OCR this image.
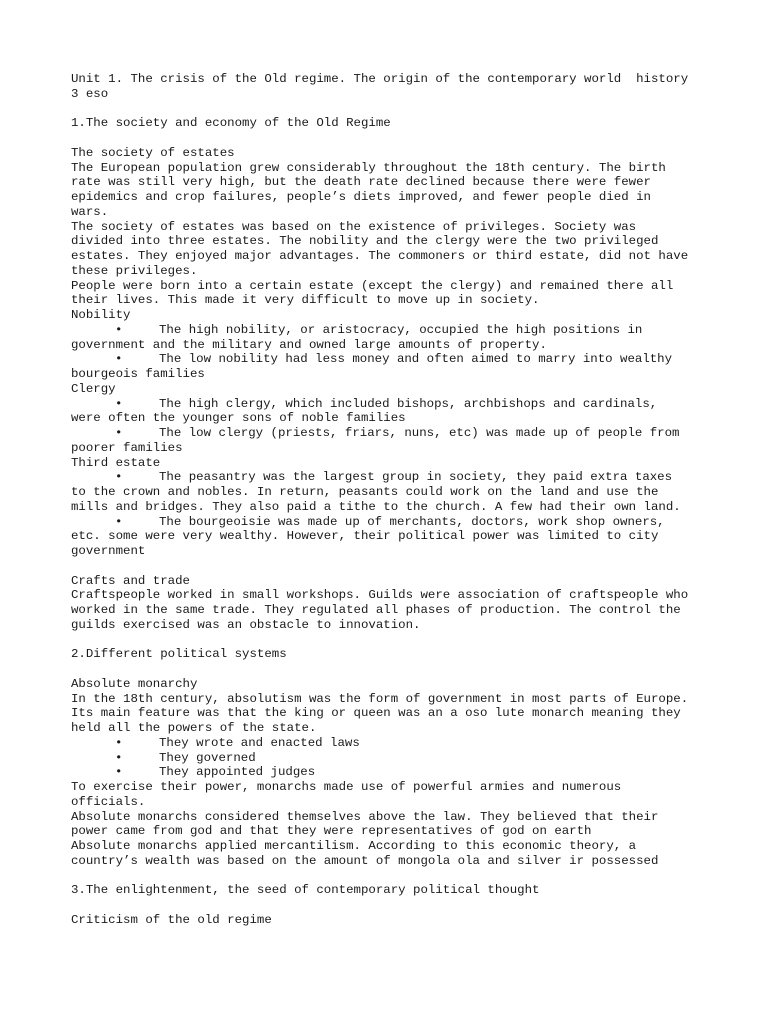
Unit 1. The crisis of the Old regime. The origin of the contemporary world  history
3 eso
1.The society and economy of the Old Regime
The society of estates
The European population grew considerably throughout the 18th century. The birth
rate was still very high, but the death rate declined because there were fewer
epidemics and crop failures, people’s diets improved, and fewer people died in
wars.
The society of estates was based on the existence of privileges. Society was
divided into three estates. The nobility and the clergy were the two privileged
estates. They enjoyed major advantages. The commoners or third estate, did not have
these privileges.
People were born into a certain estate (except the clergy) and remained there all
their lives. This made it very difficult to move up in society.
Nobility
•	The high nobility, or aristocracy, occupied the high positions in
government and the military and owned large amounts of property.
•	The low nobility had less money and often aimed to marry into wealthy
bourgeois families
Clergy
•	The high clergy, which included bishops, archbishops and cardinals,
were often the younger sons of noble families
•	The low clergy (priests, friars, nuns, etc) was made up of people from
poorer families
Third estate
•	The peasantry was the largest group in society, they paid extra taxes
to the crown and nobles. In return, peasants could work on the land and use the
mills and bridges. They also paid a tithe to the church. A few had their own land.
•	The bourgeoisie was made up of merchants, doctors, work shop owners,
etc. some were very wealthy. However, their political power was limited to city
government
Crafts and trade
Craftspeople worked in small workshops. Guilds were association of craftspeople who
worked in the same trade. They regulated all phases of production. The control the
guilds exercised was an obstacle to innovation.
2.Different political systems
Absolute monarchy
In the 18th century, absolutism was the form of government in most parts of Europe.
Its main feature was that the king or queen was an a oso lute monarch meaning they
held all the powers of the state.
•	They wrote and enacted laws
•	They governed
•	They appointed judges
To exercise their power, monarchs made use of powerful armies and numerous
officials.
Absolute monarchs considered themselves above the law. They believed that their
power came from god and that they were representatives of god on earth
Absolute monarchs applied mercantilism. According to this economic theory, a
country’s wealth was based on the amount of mongola ola and silver ir possessed
3.The enlightenment, the seed of contemporary political thought
Criticism of the old regime
